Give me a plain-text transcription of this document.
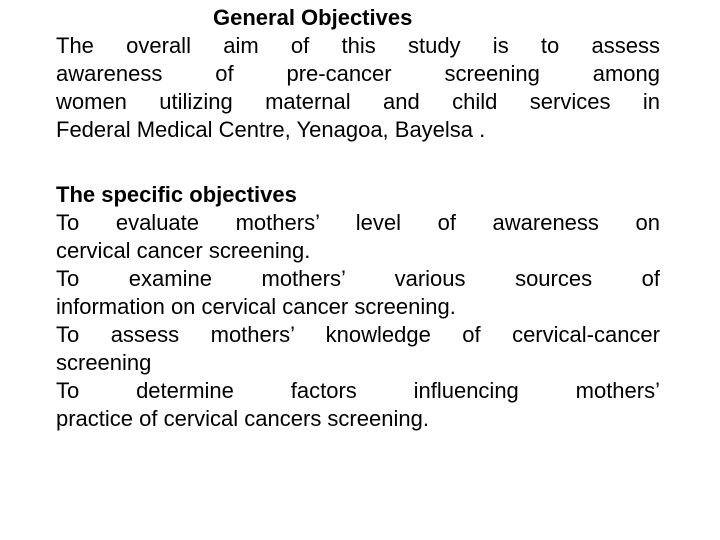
General Objectives
The overall aim of this study is to assess
awareness of pre-cancer screening among
women utilizing maternal and child services in
Federal Medical Centre, Yenagoa, Bayelsa .
The specific objectives
To evaluate mothers’ level of awareness on
cervical cancer screening.
To examine mothers’ various sources of
information on cervical cancer screening.
To assess mothers’ knowledge of cervical-cancer
screening
To determine factors influencing mothers’
practice of cervical cancers screening.
